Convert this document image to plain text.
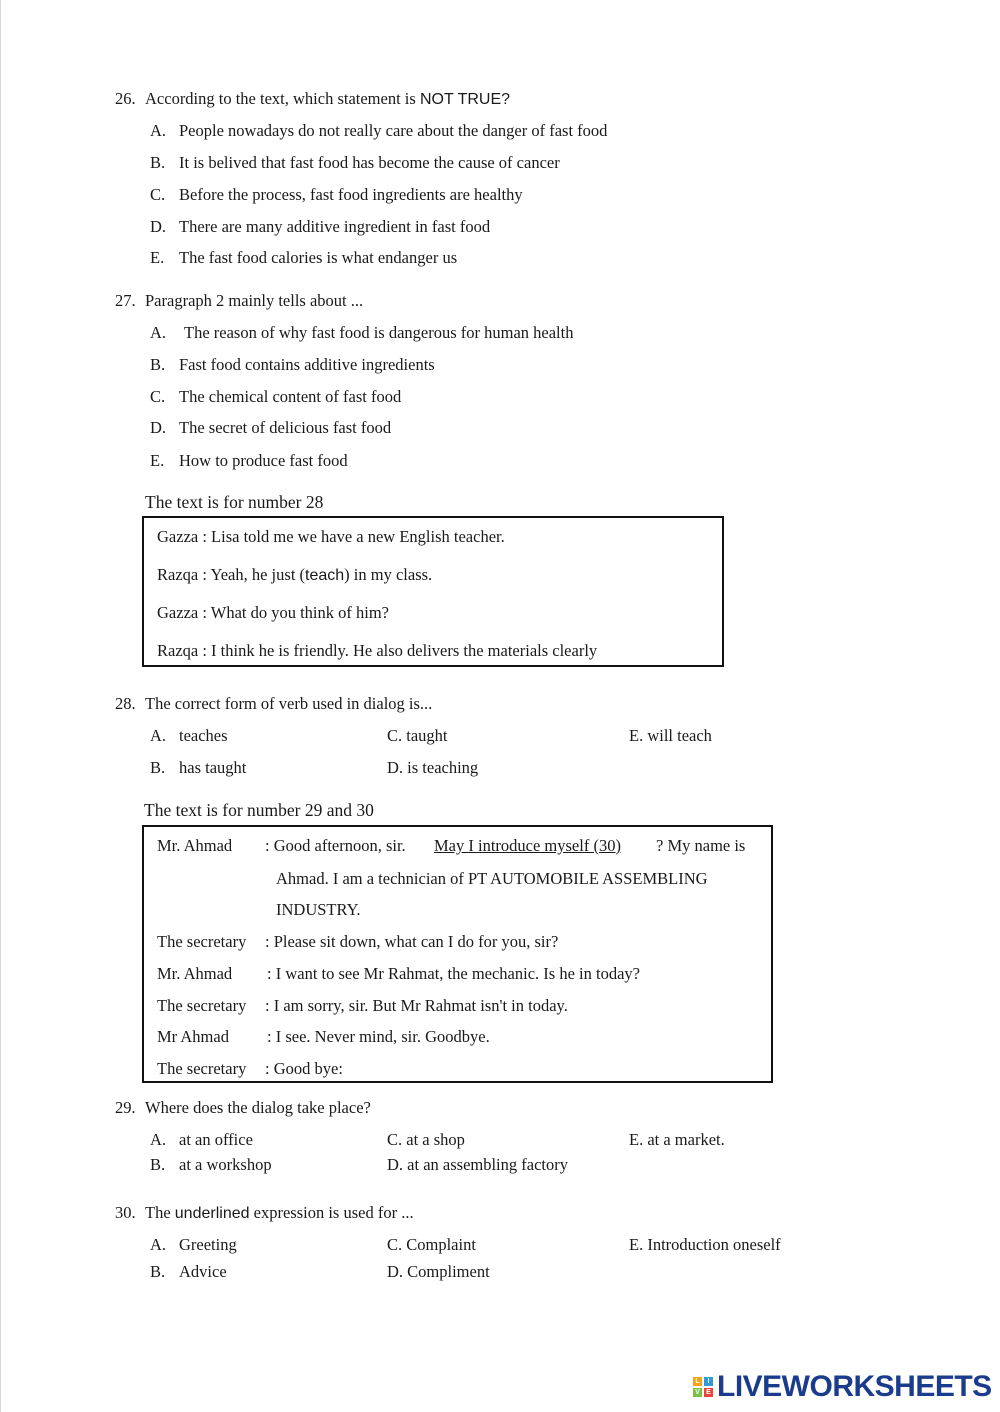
26. According to the text, which statement is NOT TRUE?
A. People nowadays do not really care about the danger of fast food
B. It is belived that fast food has become the cause of cancer
C. Before the process, fast food ingredients are healthy
D. There are many additive ingredient in fast food
E. The fast food calories is what endanger us
27. Paragraph 2 mainly tells about ...
A. The reason of why fast food is dangerous for human health
B. Fast food contains additive ingredients
C. The chemical content of fast food
D. The secret of delicious fast food
E. How to produce fast food
The text is for number 28
Gazza : Lisa told me we have a new English teacher.
Razqa : Yeah, he just (teach) in my class.
Gazza : What do you think of him?
Razqa : I think he is friendly. He also delivers the materials clearly
28. The correct form of verb used in dialog is...
A. teaches	C. taught	E. will teach
B. has taught	D. is teaching
The text is for number 29 and 30
Mr. Ahmad : Good afternoon, sir. May I introduce myself (30) ? My name is
Ahmad. I am a technician of PT AUTOMOBILE ASSEMBLING
INDUSTRY.
The secretary : Please sit down, what can I do for you, sir?
Mr. Ahmad : I want to see Mr Rahmat, the mechanic. Is he in today?
The secretary : I am sorry, sir. But Mr Rahmat isn't in today.
Mr Ahmad : I see. Never mind, sir. Goodbye.
The secretary : Good bye:
29. Where does the dialog take place?
A. at an office	C. at a shop	E. at a market.
B. at a workshop	D. at an assembling factory
30. The underlined expression is used for ...
A. Greeting	C. Complaint	E. Introduction oneself
B. Advice	D. Compliment
L	I
V E LIVEWORKSHEETS
